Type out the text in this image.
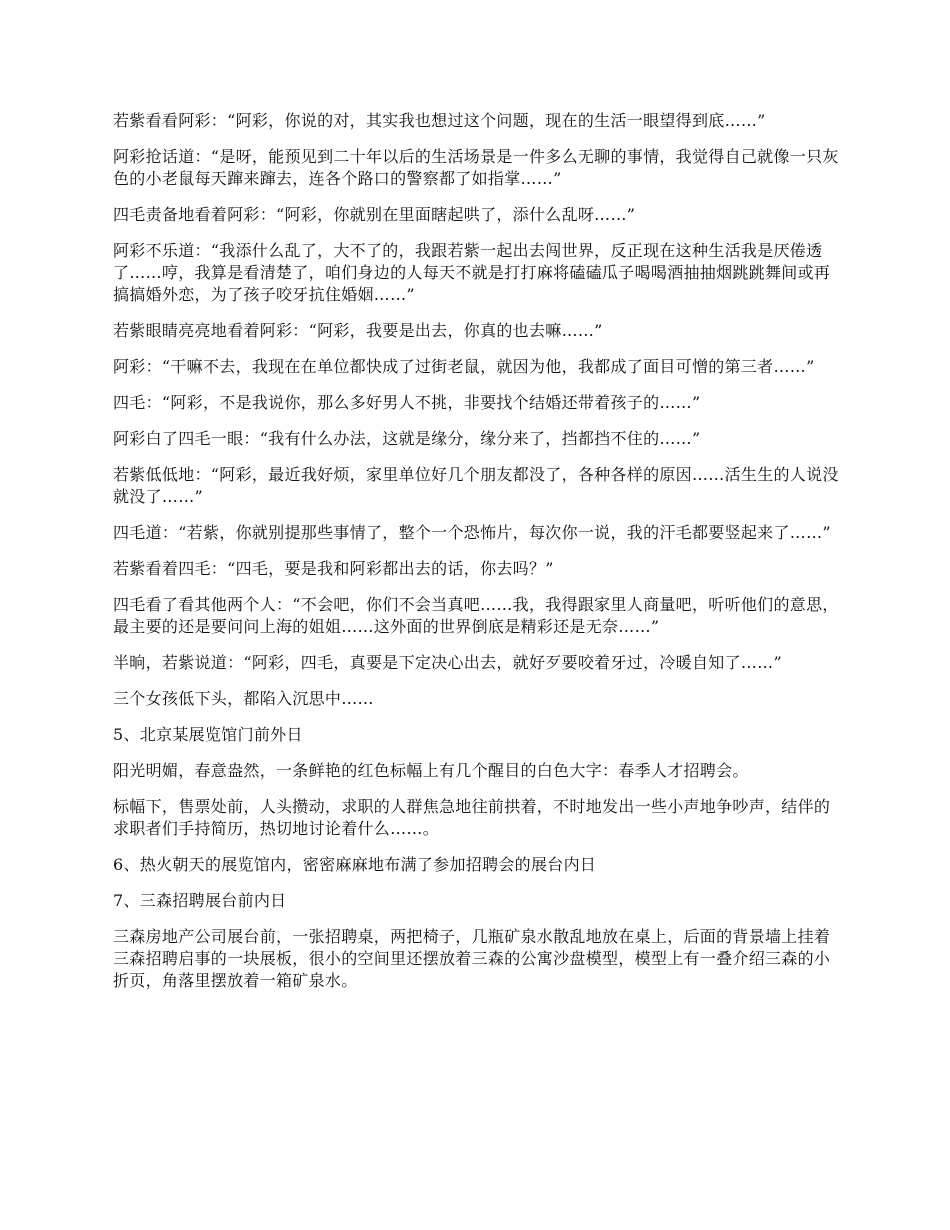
若紫看看阿彩：“阿彩，你说的对，其实我也想过这个问题，现在的生活一眼望得到底……”

阿彩抢话道：“是呀，能预见到二十年以后的生活场景是一件多么无聊的事情，我觉得自己就像一只灰色的小老鼠每天蹿来蹿去，连各个路口的警察都了如指掌……”

四毛责备地看着阿彩：“阿彩，你就别在里面瞎起哄了，添什么乱呀……”

阿彩不乐道：“我添什么乱了，大不了的，我跟若紫一起出去闯世界，反正现在这种生活我是厌倦透了……哼，我算是看清楚了，咱们身边的人每天不就是打打麻将磕磕瓜子喝喝酒抽抽烟跳跳舞间或再搞搞婚外恋，为了孩子咬牙抗住婚姻……”

若紫眼睛亮亮地看着阿彩：“阿彩，我要是出去，你真的也去嘛……”

阿彩：“干嘛不去，我现在在单位都快成了过街老鼠，就因为他，我都成了面目可憎的第三者……”

四毛：“阿彩，不是我说你，那么多好男人不挑，非要找个结婚还带着孩子的……”

阿彩白了四毛一眼：“我有什么办法，这就是缘分，缘分来了，挡都挡不住的……”

若紫低低地：“阿彩，最近我好烦，家里单位好几个朋友都没了，各种各样的原因……活生生的人说没就没了……”

四毛道：“若紫，你就别提那些事情了，整个一个恐怖片，每次你一说，我的汗毛都要竖起来了……”

若紫看着四毛：“四毛，要是我和阿彩都出去的话，你去吗？”

四毛看了看其他两个人：“不会吧，你们不会当真吧……我，我得跟家里人商量吧，听听他们的意思，最主要的还是要问问上海的姐姐……这外面的世界倒底是精彩还是无奈……”

半晌，若紫说道：“阿彩，四毛，真要是下定决心出去，就好歹要咬着牙过，冷暖自知了……”

三个女孩低下头，都陷入沉思中……

5、北京某展览馆门前外日

阳光明媚，春意盎然，一条鲜艳的红色标幅上有几个醒目的白色大字：春季人才招聘会。

标幅下，售票处前，人头攒动，求职的人群焦急地往前拱着，不时地发出一些小声地争吵声，结伴的求职者们手持简历，热切地讨论着什么……。

6、热火朝天的展览馆内，密密麻麻地布满了参加招聘会的展台内日

7、三森招聘展台前内日

三森房地产公司展台前，一张招聘桌，两把椅子，几瓶矿泉水散乱地放在桌上，后面的背景墙上挂着三森招聘启事的一块展板，很小的空间里还摆放着三森的公寓沙盘模型，模型上有一叠介绍三森的小折页，角落里摆放着一箱矿泉水。
